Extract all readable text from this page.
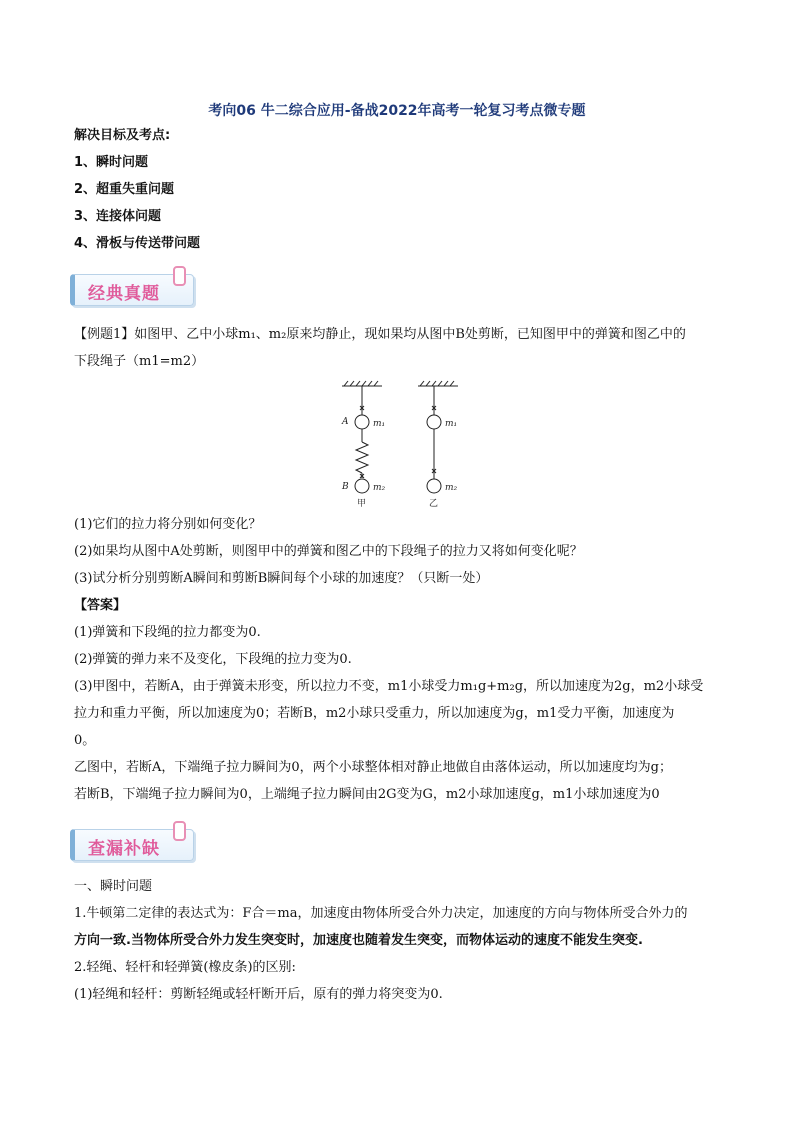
考向06 牛二综合应用-备战2022年高考一轮复习考点微专题
解决目标及考点:
1、瞬时问题
2、超重失重问题
3、连接体问题
4、滑板与传送带问题
经典真题
【例题1】如图甲、乙中小球m₁、m₂原来均静止，现如果均从图中B处剪断，已知图甲中的弹簧和图乙中的
下段绳子（m1=m2）
A	m₁
B	m₂
甲
m₁
m₂
乙
(1)它们的拉力将分别如何变化？
(2)如果均从图中A处剪断，则图甲中的弹簧和图乙中的下段绳子的拉力又将如何变化呢？
(3)试分析分别剪断A瞬间和剪断B瞬间每个小球的加速度？（只断一处）
【答案】
(1)弹簧和下段绳的拉力都变为0.
(2)弹簧的弹力来不及变化，下段绳的拉力变为0.
(3)甲图中，若断A，由于弹簧未形变，所以拉力不变，m1小球受力m₁g+m₂g，所以加速度为2g，m2小球受
拉力和重力平衡，所以加速度为0；若断B，m2小球只受重力，所以加速度为g，m1受力平衡，加速度为
0。
乙图中，若断A，下端绳子拉力瞬间为0，两个小球整体相对静止地做自由落体运动，所以加速度均为g；
若断B，下端绳子拉力瞬间为0，上端绳子拉力瞬间由2G变为G，m2小球加速度g，m1小球加速度为0
查漏补缺
一、瞬时问题
1.牛顿第二定律的表达式为：F合＝ma，加速度由物体所受合外力决定，加速度的方向与物体所受合外力的
方向一致.当物体所受合外力发生突变时，加速度也随着发生突变，而物体运动的速度不能发生突变.
2.轻绳、轻杆和轻弹簧(橡皮条)的区别:
(1)轻绳和轻杆：剪断轻绳或轻杆断开后，原有的弹力将突变为0.
